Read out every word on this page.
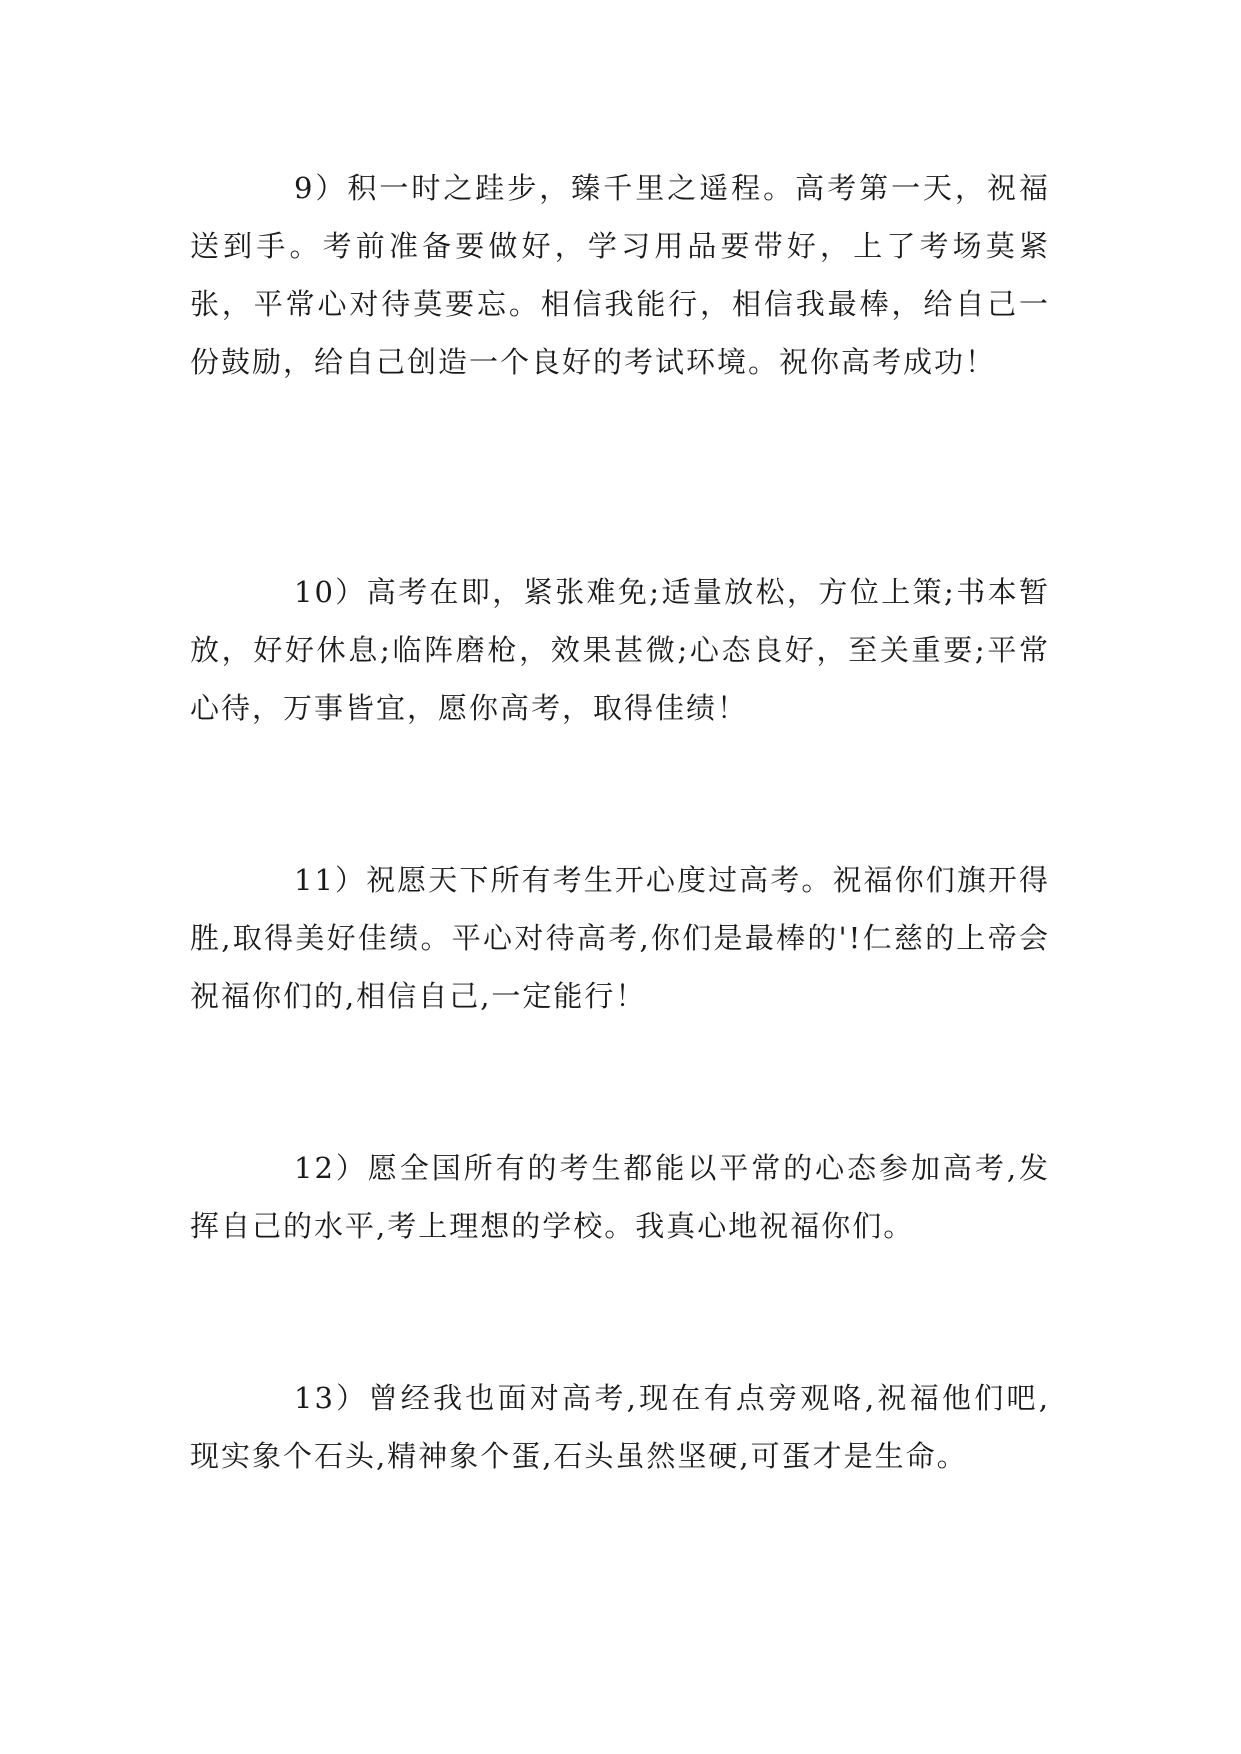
9）积一时之跬步，臻千里之遥程。高考第一天，祝福送到手。考前准备要做好，学习用品要带好，上了考场莫紧张，平常心对待莫要忘。相信我能行，相信我最棒，给自己一份鼓励，给自己创造一个良好的考试环境。祝你高考成功！

10）高考在即，紧张难免;适量放松，方位上策;书本暂放，好好休息;临阵磨枪，效果甚微;心态良好，至关重要;平常心待，万事皆宜，愿你高考，取得佳绩！

11）祝愿天下所有考生开心度过高考。祝福你们旗开得胜,取得美好佳绩。平心对待高考,你们是最棒的'!仁慈的上帝会祝福你们的,相信自己,一定能行！

12）愿全国所有的考生都能以平常的心态参加高考,发挥自己的水平,考上理想的学校。我真心地祝福你们。

13）曾经我也面对高考,现在有点旁观咯,祝福他们吧,现实象个石头,精神象个蛋,石头虽然坚硬,可蛋才是生命。
